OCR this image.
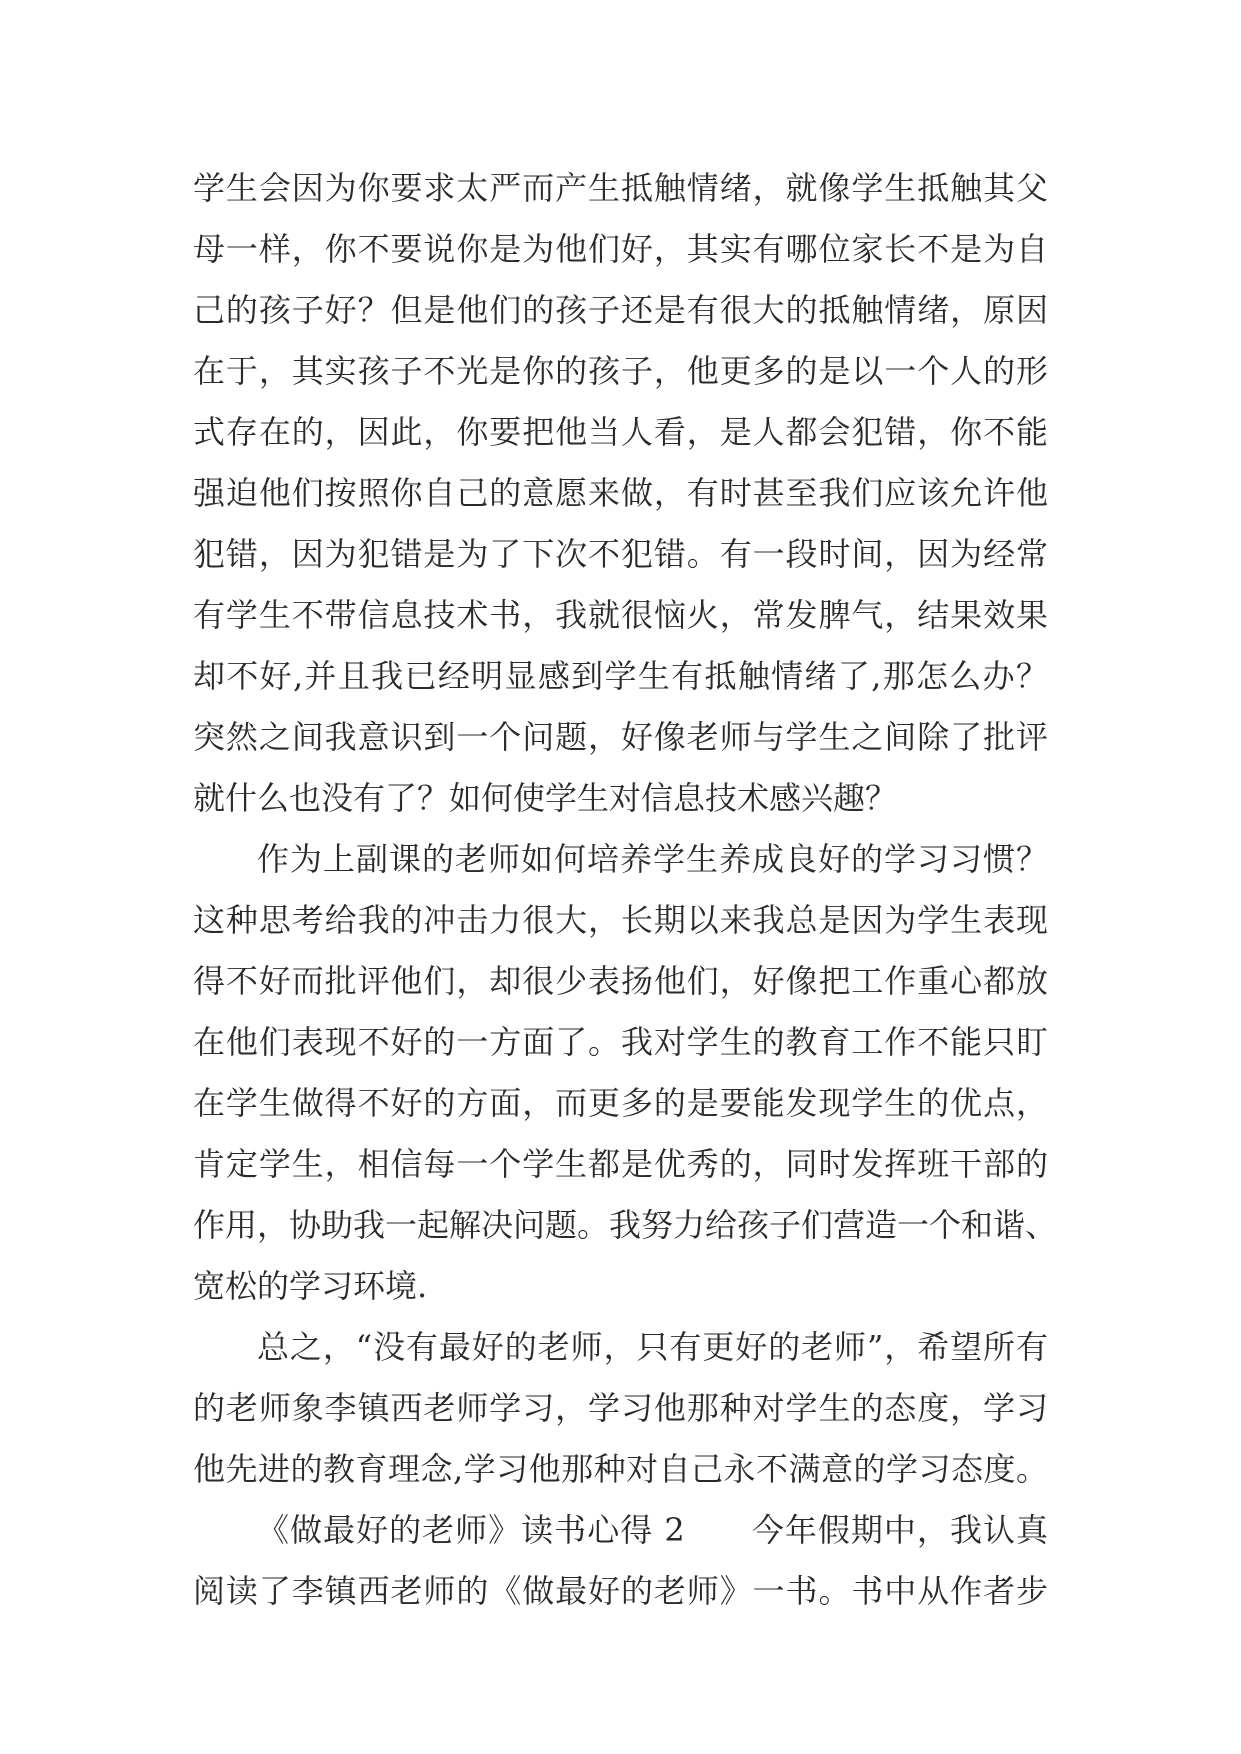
学生会因为你要求太严而产生抵触情绪，就像学生抵触其父
母一样，你不要说你是为他们好，其实有哪位家长不是为自
己的孩子好？但是他们的孩子还是有很大的抵触情绪，原因
在于，其实孩子不光是你的孩子，他更多的是以一个人的形
式存在的，因此，你要把他当人看，是人都会犯错，你不能
强迫他们按照你自己的意愿来做，有时甚至我们应该允许他
犯错，因为犯错是为了下次不犯错。有一段时间，因为经常
有学生不带信息技术书，我就很恼火，常发脾气，结果效果
却不好,并且我已经明显感到学生有抵触情绪了,那怎么办？
突然之间我意识到一个问题，好像老师与学生之间除了批评
就什么也没有了？如何使学生对信息技术感兴趣？
作为上副课的老师如何培养学生养成良好的学习习惯？
这种思考给我的冲击力很大，长期以来我总是因为学生表现
得不好而批评他们，却很少表扬他们，好像把工作重心都放
在他们表现不好的一方面了。我对学生的教育工作不能只盯
在学生做得不好的方面，而更多的是要能发现学生的优点，
肯定学生，相信每一个学生都是优秀的，同时发挥班干部的
作用，协助我一起解决问题。我努力给孩子们营造一个和谐、
宽松的学习环境.
总之，“没有最好的老师，只有更好的老师”，希望所有
的老师象李镇西老师学习，学习他那种对学生的态度，学习
他先进的教育理念,学习他那种对自己永不满意的学习态度。
《做最好的老师》读书心得 2　　今年假期中，我认真
阅读了李镇西老师的《做最好的老师》一书。书中从作者步
